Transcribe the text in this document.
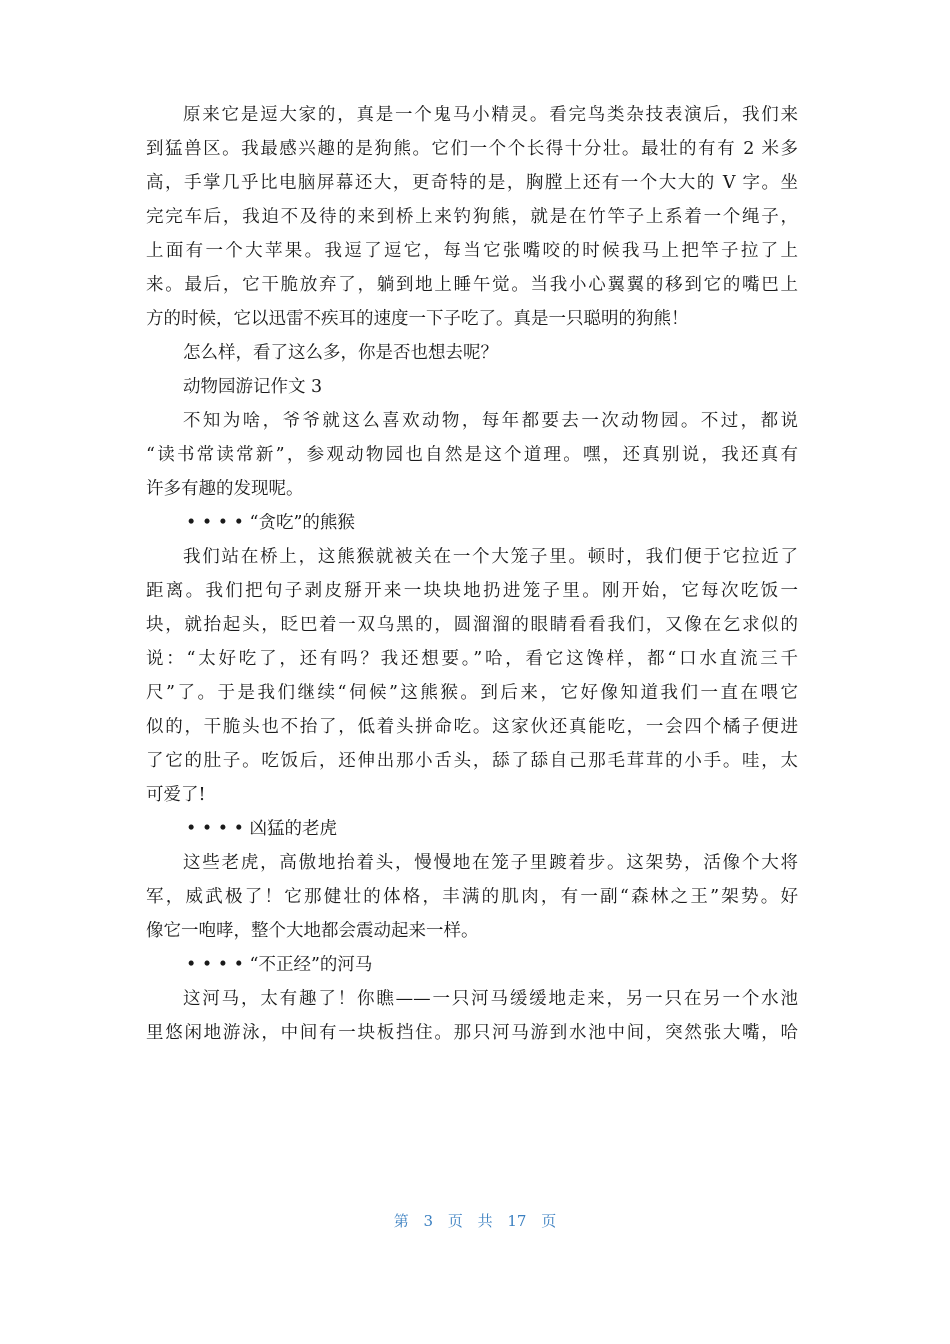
原来它是逗大家的，真是一个鬼马小精灵。看完鸟类杂技表演后，我们来
到猛兽区。我最感兴趣的是狗熊。它们一个个长得十分壮。最壮的有有 2 米多
高，手掌几乎比电脑屏幕还大，更奇特的是，胸膛上还有一个大大的 V 字。坐
完完车后，我迫不及待的来到桥上来钓狗熊，就是在竹竿子上系着一个绳子，
上面有一个大苹果。我逗了逗它，每当它张嘴咬的时候我马上把竿子拉了上
来。最后，它干脆放弃了，躺到地上睡午觉。当我小心翼翼的移到它的嘴巴上
方的时候，它以迅雷不疾耳的速度一下子吃了。真是一只聪明的狗熊！
怎么样，看了这么多，你是否也想去呢？
动物园游记作文 3
不知为啥，爷爷就这么喜欢动物，每年都要去一次动物园。不过，都说
“读书常读常新”，参观动物园也自然是这个道理。嘿，还真别说，我还真有
许多有趣的发现呢。
• • • • “贪吃”的熊猴
我们站在桥上，这熊猴就被关在一个大笼子里。顿时，我们便于它拉近了
距离。我们把句子剥皮掰开来一块块地扔进笼子里。刚开始，它每次吃饭一
块，就抬起头，眨巴着一双乌黑的，圆溜溜的眼睛看看我们，又像在乞求似的
说：“太好吃了，还有吗？我还想要。”哈，看它这馋样，都“口水直流三千
尺”了。于是我们继续“伺候”这熊猴。到后来，它好像知道我们一直在喂它
似的，干脆头也不抬了，低着头拼命吃。这家伙还真能吃，一会四个橘子便进
了它的肚子。吃饭后，还伸出那小舌头，舔了舔自己那毛茸茸的小手。哇，太
可爱了!
• • • • 凶猛的老虎
这些老虎，高傲地抬着头，慢慢地在笼子里踱着步。这架势，活像个大将
军，威武极了！它那健壮的体格，丰满的肌肉，有一副“森林之王”架势。好
像它一咆哮，整个大地都会震动起来一样。
• • • • “不正经”的河马
这河马，太有趣了！你瞧——一只河马缓缓地走来，另一只在另一个水池
里悠闲地游泳，中间有一块板挡住。那只河马游到水池中间，突然张大嘴，哈
第 3 页 共 17 页
